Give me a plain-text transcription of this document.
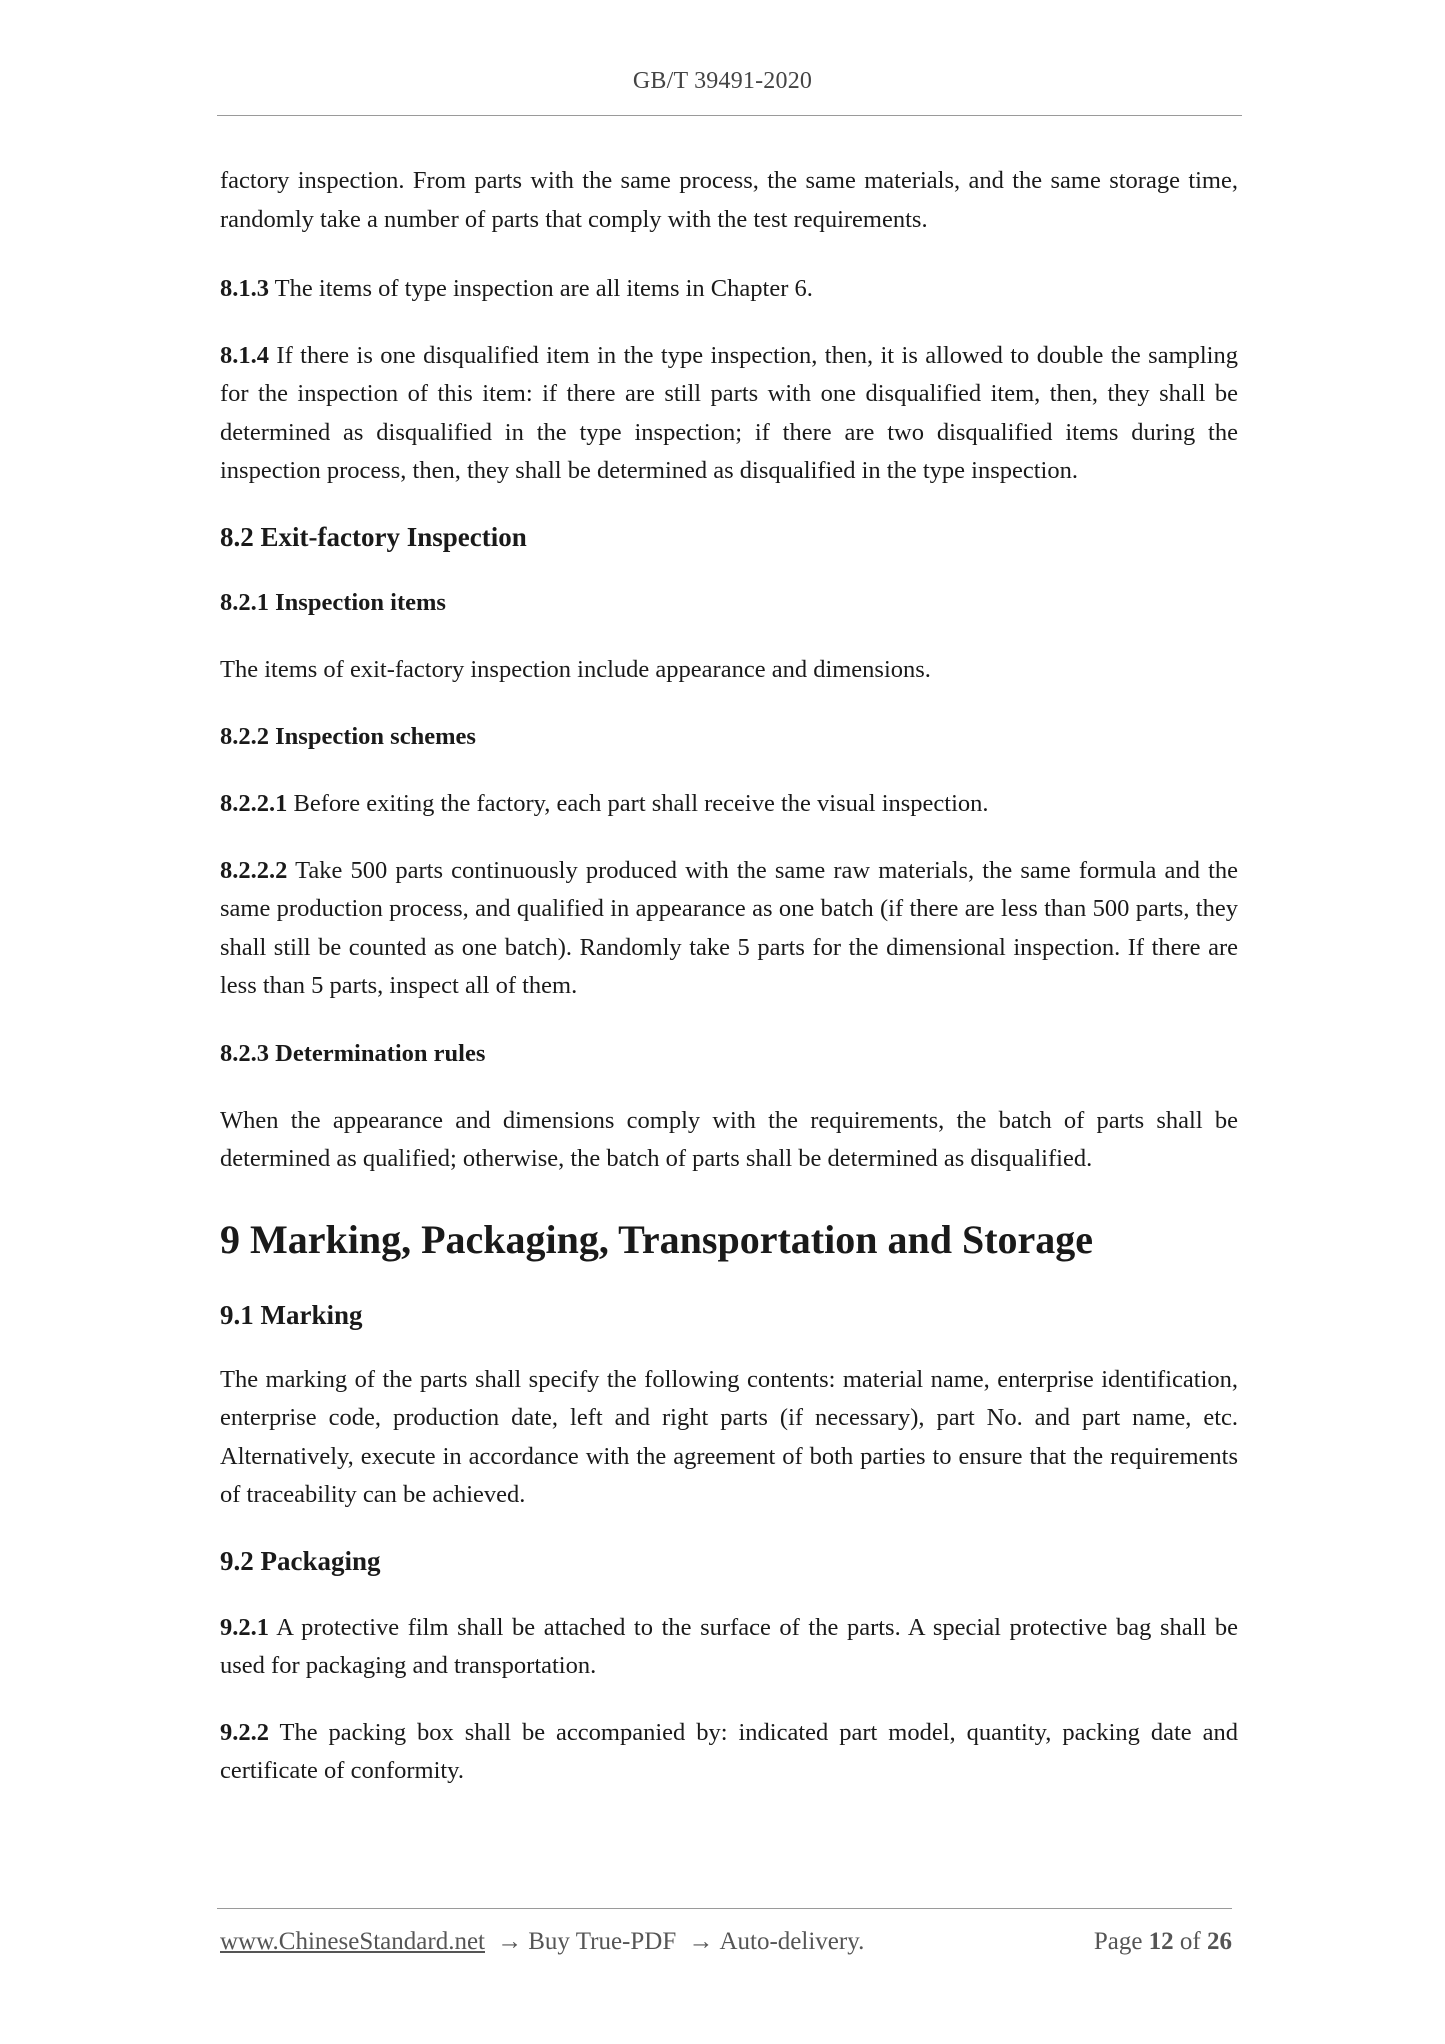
GB/T 39491-2020

factory inspection. From parts with the same process, the same materials, and the same storage time, randomly take a number of parts that comply with the test requirements.

8.1.3 The items of type inspection are all items in Chapter 6.

8.1.4 If there is one disqualified item in the type inspection, then, it is allowed to double the sampling for the inspection of this item: if there are still parts with one disqualified item, then, they shall be determined as disqualified in the type inspection; if there are two disqualified items during the inspection process, then, they shall be determined as disqualified in the type inspection.

8.2 Exit-factory Inspection
8.2.1 Inspection items

The items of exit-factory inspection include appearance and dimensions.

8.2.2 Inspection schemes

8.2.2.1 Before exiting the factory, each part shall receive the visual inspection.

8.2.2.2 Take 500 parts continuously produced with the same raw materials, the same formula and the same production process, and qualified in appearance as one batch (if there are less than 500 parts, they shall still be counted as one batch). Randomly take 5 parts for the dimensional inspection. If there are less than 5 parts, inspect all of them.

8.2.3 Determination rules

When the appearance and dimensions comply with the requirements, the batch of parts shall be determined as qualified; otherwise, the batch of parts shall be determined as disqualified.

9 Marking, Packaging, Transportation and Storage
9.1 Marking

The marking of the parts shall specify the following contents: material name, enterprise identification, enterprise code, production date, left and right parts (if necessary), part No. and part name, etc. Alternatively, execute in accordance with the agreement of both parties to ensure that the requirements of traceability can be achieved.

9.2 Packaging

9.2.1 A protective film shall be attached to the surface of the parts. A special protective bag shall be used for packaging and transportation.

9.2.2 The packing box shall be accompanied by: indicated part model, quantity, packing date and certificate of conformity.

www.ChineseStandard.net → Buy True-PDF → Auto-delivery.	Page 12 of 26
